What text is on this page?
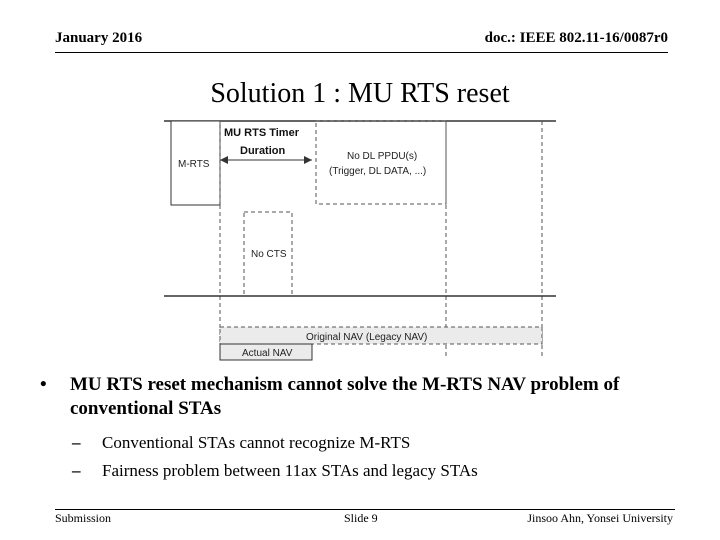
January 2016	doc.: IEEE 802.11-16/0087r0
Solution 1 : MU RTS reset
M-RTS
MU RTS Timer
Duration	No DL PPDU(s)
(Trigger, DL DATA, ...)
No CTS
Original NAV (Legacy NAV)
Actual NAV
• MU RTS reset mechanism cannot solve the M-RTS NAV problem of conventional STAs
– Conventional STAs cannot recognize M-RTS
– Fairness problem between 11ax STAs and legacy STAs
Submission	Slide 9	Jinsoo Ahn, Yonsei University
